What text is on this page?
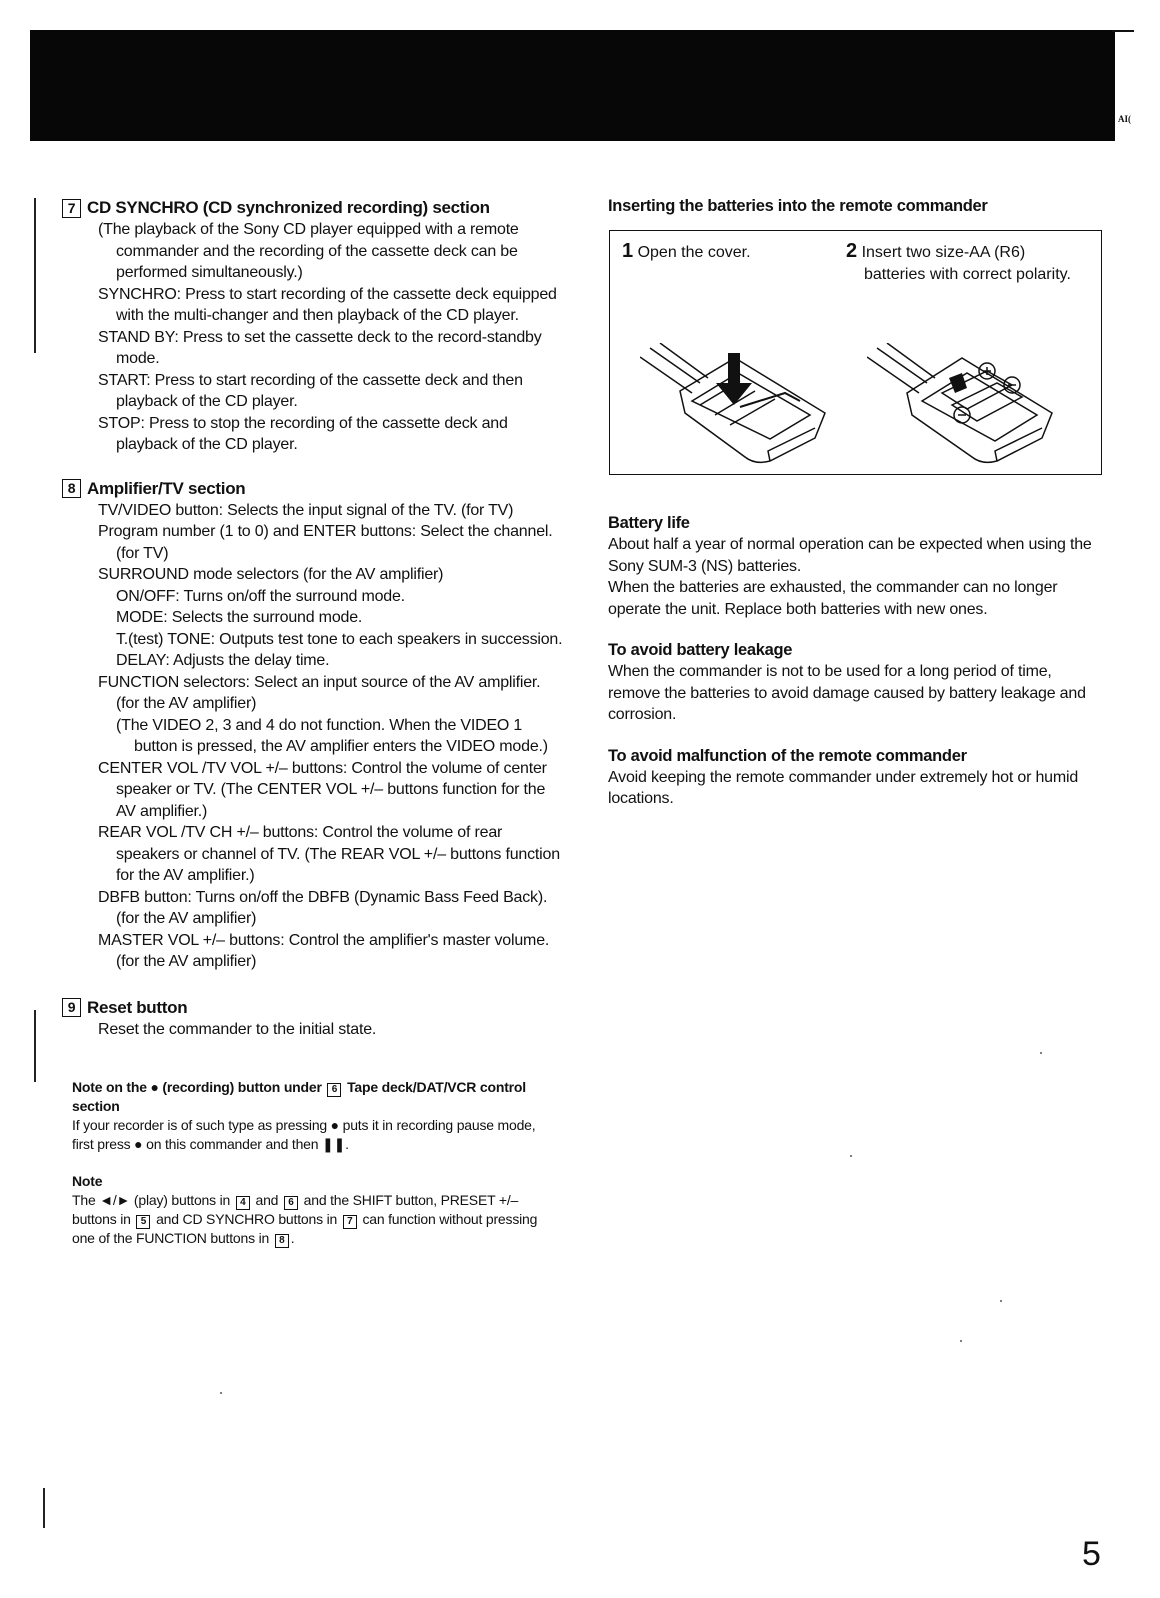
AI(
7 CD SYNCHRO (CD synchronized recording) section
(The playback of the Sony CD player equipped with a remote commander and the recording of the cassette deck can be performed simultaneously.)
SYNCHRO: Press to start recording of the cassette deck equipped with the multi-changer and then playback of the CD player.
STAND BY: Press to set the cassette deck to the record-standby mode.
START: Press to start recording of the cassette deck and then playback of the CD player.
STOP: Press to stop the recording of the cassette deck and playback of the CD player.
8 Amplifier/TV section
TV/VIDEO button: Selects the input signal of the TV. (for TV)
Program number (1 to 0) and ENTER buttons: Select the channel. (for TV)
SURROUND mode selectors (for the AV amplifier)
ON/OFF: Turns on/off the surround mode.
MODE: Selects the surround mode.
T.(test) TONE: Outputs test tone to each speakers in succession.
DELAY: Adjusts the delay time.
FUNCTION selectors: Select an input source of the AV amplifier. (for the AV amplifier)
(The VIDEO 2, 3 and 4 do not function. When the VIDEO 1 button is pressed, the AV amplifier enters the VIDEO mode.)
CENTER VOL /TV VOL +/– buttons: Control the volume of center speaker or TV. (The CENTER VOL +/– buttons function for the AV amplifier.)
REAR VOL /TV CH +/– buttons: Control the volume of rear speakers or channel of TV. (The REAR VOL +/– buttons function for the AV amplifier.)
DBFB button: Turns on/off the DBFB (Dynamic Bass Feed Back). (for the AV amplifier)
MASTER VOL +/– buttons: Control the amplifier's master volume. (for the AV amplifier)
9 Reset button
Reset the commander to the initial state.
Note on the ● (recording) button under 6 Tape deck/DAT/VCR control section
If your recorder is of such type as pressing ● puts it in recording pause mode, first press ● on this commander and then ❚❚.
Note
The ◄/► (play) buttons in 4 and 6 and the SHIFT button, PRESET +/– buttons in 5 and CD SYNCHRO buttons in 7 can function without pressing one of the FUNCTION buttons in 8 .
Inserting the batteries into the remote commander
1 Open the cover.	2 Insert two size-AA (R6) batteries with correct polarity.
Battery life
About half a year of normal operation can be expected when using the Sony SUM-3 (NS) batteries.
When the batteries are exhausted, the commander can no longer operate the unit. Replace both batteries with new ones.
To avoid battery leakage
When the commander is not to be used for a long period of time, remove the batteries to avoid damage caused by battery leakage and corrosion.
To avoid malfunction of the remote commander
Avoid keeping the remote commander under extremely hot or humid locations.
5
